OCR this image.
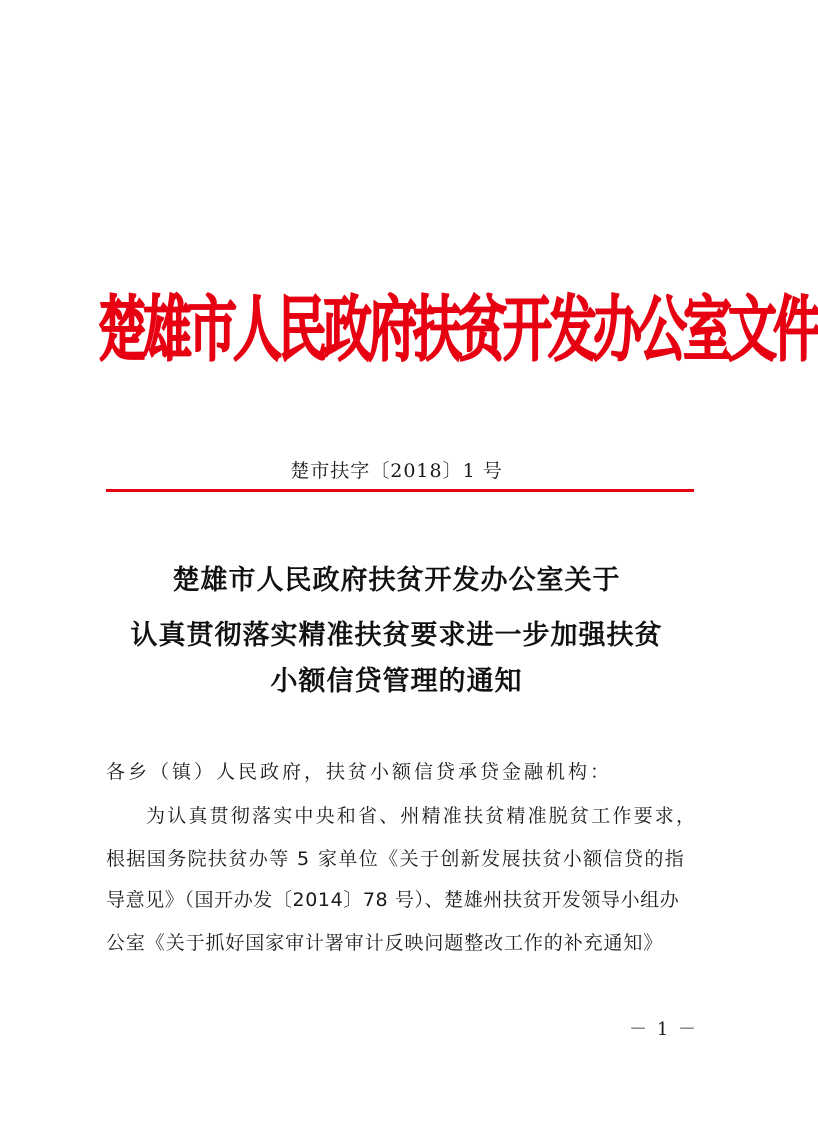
楚雄市人民政府扶贫开发办公室文件
楚市扶字〔2018〕1 号
楚雄市人民政府扶贫开发办公室关于
认真贯彻落实精准扶贫要求进一步加强扶贫
小额信贷管理的通知
各乡（镇）人民政府，扶贫小额信贷承贷金融机构：
为认真贯彻落实中央和省、州精准扶贫精准脱贫工作要求，
根据国务院扶贫办等 5 家单位《关于创新发展扶贫小额信贷的指
导意见》（国开办发〔2014〕78 号）、楚雄州扶贫开发领导小组办
公室《关于抓好国家审计署审计反映问题整改工作的补充通知》
－ 1 －
